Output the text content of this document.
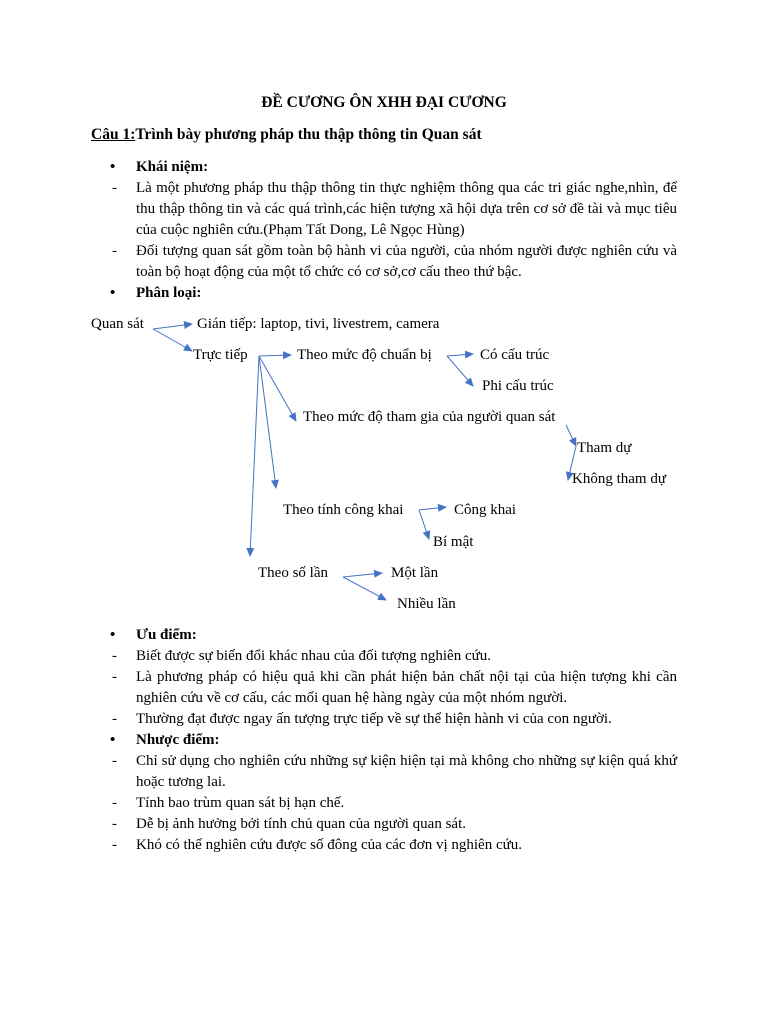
ĐỀ CƯƠNG ÔN XHH ĐẠI CƯƠNG
Câu 1:Trình bày phương pháp thu thập thông tin Quan sát
• Khái niệm:
- Là một phương pháp thu thập thông tin thực nghiệm thông qua các tri giác nghe,nhìn, để thu thập thông tin và các quá trình,các hiện tượng xã hội dựa trên cơ sở đề tài và mục tiêu của cuộc nghiên cứu.(Phạm Tất Dong, Lê Ngọc Hùng)
- Đối tượng quan sát gồm toàn bộ hành vi của người, của nhóm người được nghiên cứu và toàn bộ hoạt động của một tổ chức có cơ sở,cơ cấu theo thứ bậc.
• Phân loại:
Quan sát	Gián tiếp: laptop, tivi, livestrem, camera
Trực tiếp	Theo mức độ chuẩn bị	Có cấu trúc
Phi cấu trúc
Theo mức độ tham gia của người quan sát
Tham dự
Không tham dự
Theo tính công khai	Công khai
Bí mật
Theo số lần	Một lần
Nhiều lần
• Ưu điểm:
- Biết được sự biến đổi khác nhau của đối tượng nghiên cứu.
- Là phương pháp có hiệu quả khi cần phát hiện bản chất nội tại của hiện tượng khi cần nghiên cứu về cơ cấu, các mối quan hệ hàng ngày của một nhóm người.
- Thường đạt được ngay ấn tượng trực tiếp về sự thể hiện hành vi của con người.
• Nhược điểm:
- Chỉ sử dụng cho nghiên cứu những sự kiện hiện tại mà không cho những sự kiện quá khứ hoặc tương lai.
- Tính bao trùm quan sát bị hạn chế.
- Dễ bị ảnh hưởng bởi tính chủ quan của người quan sát.
- Khó có thể nghiên cứu được số đông của các đơn vị nghiên cứu.
